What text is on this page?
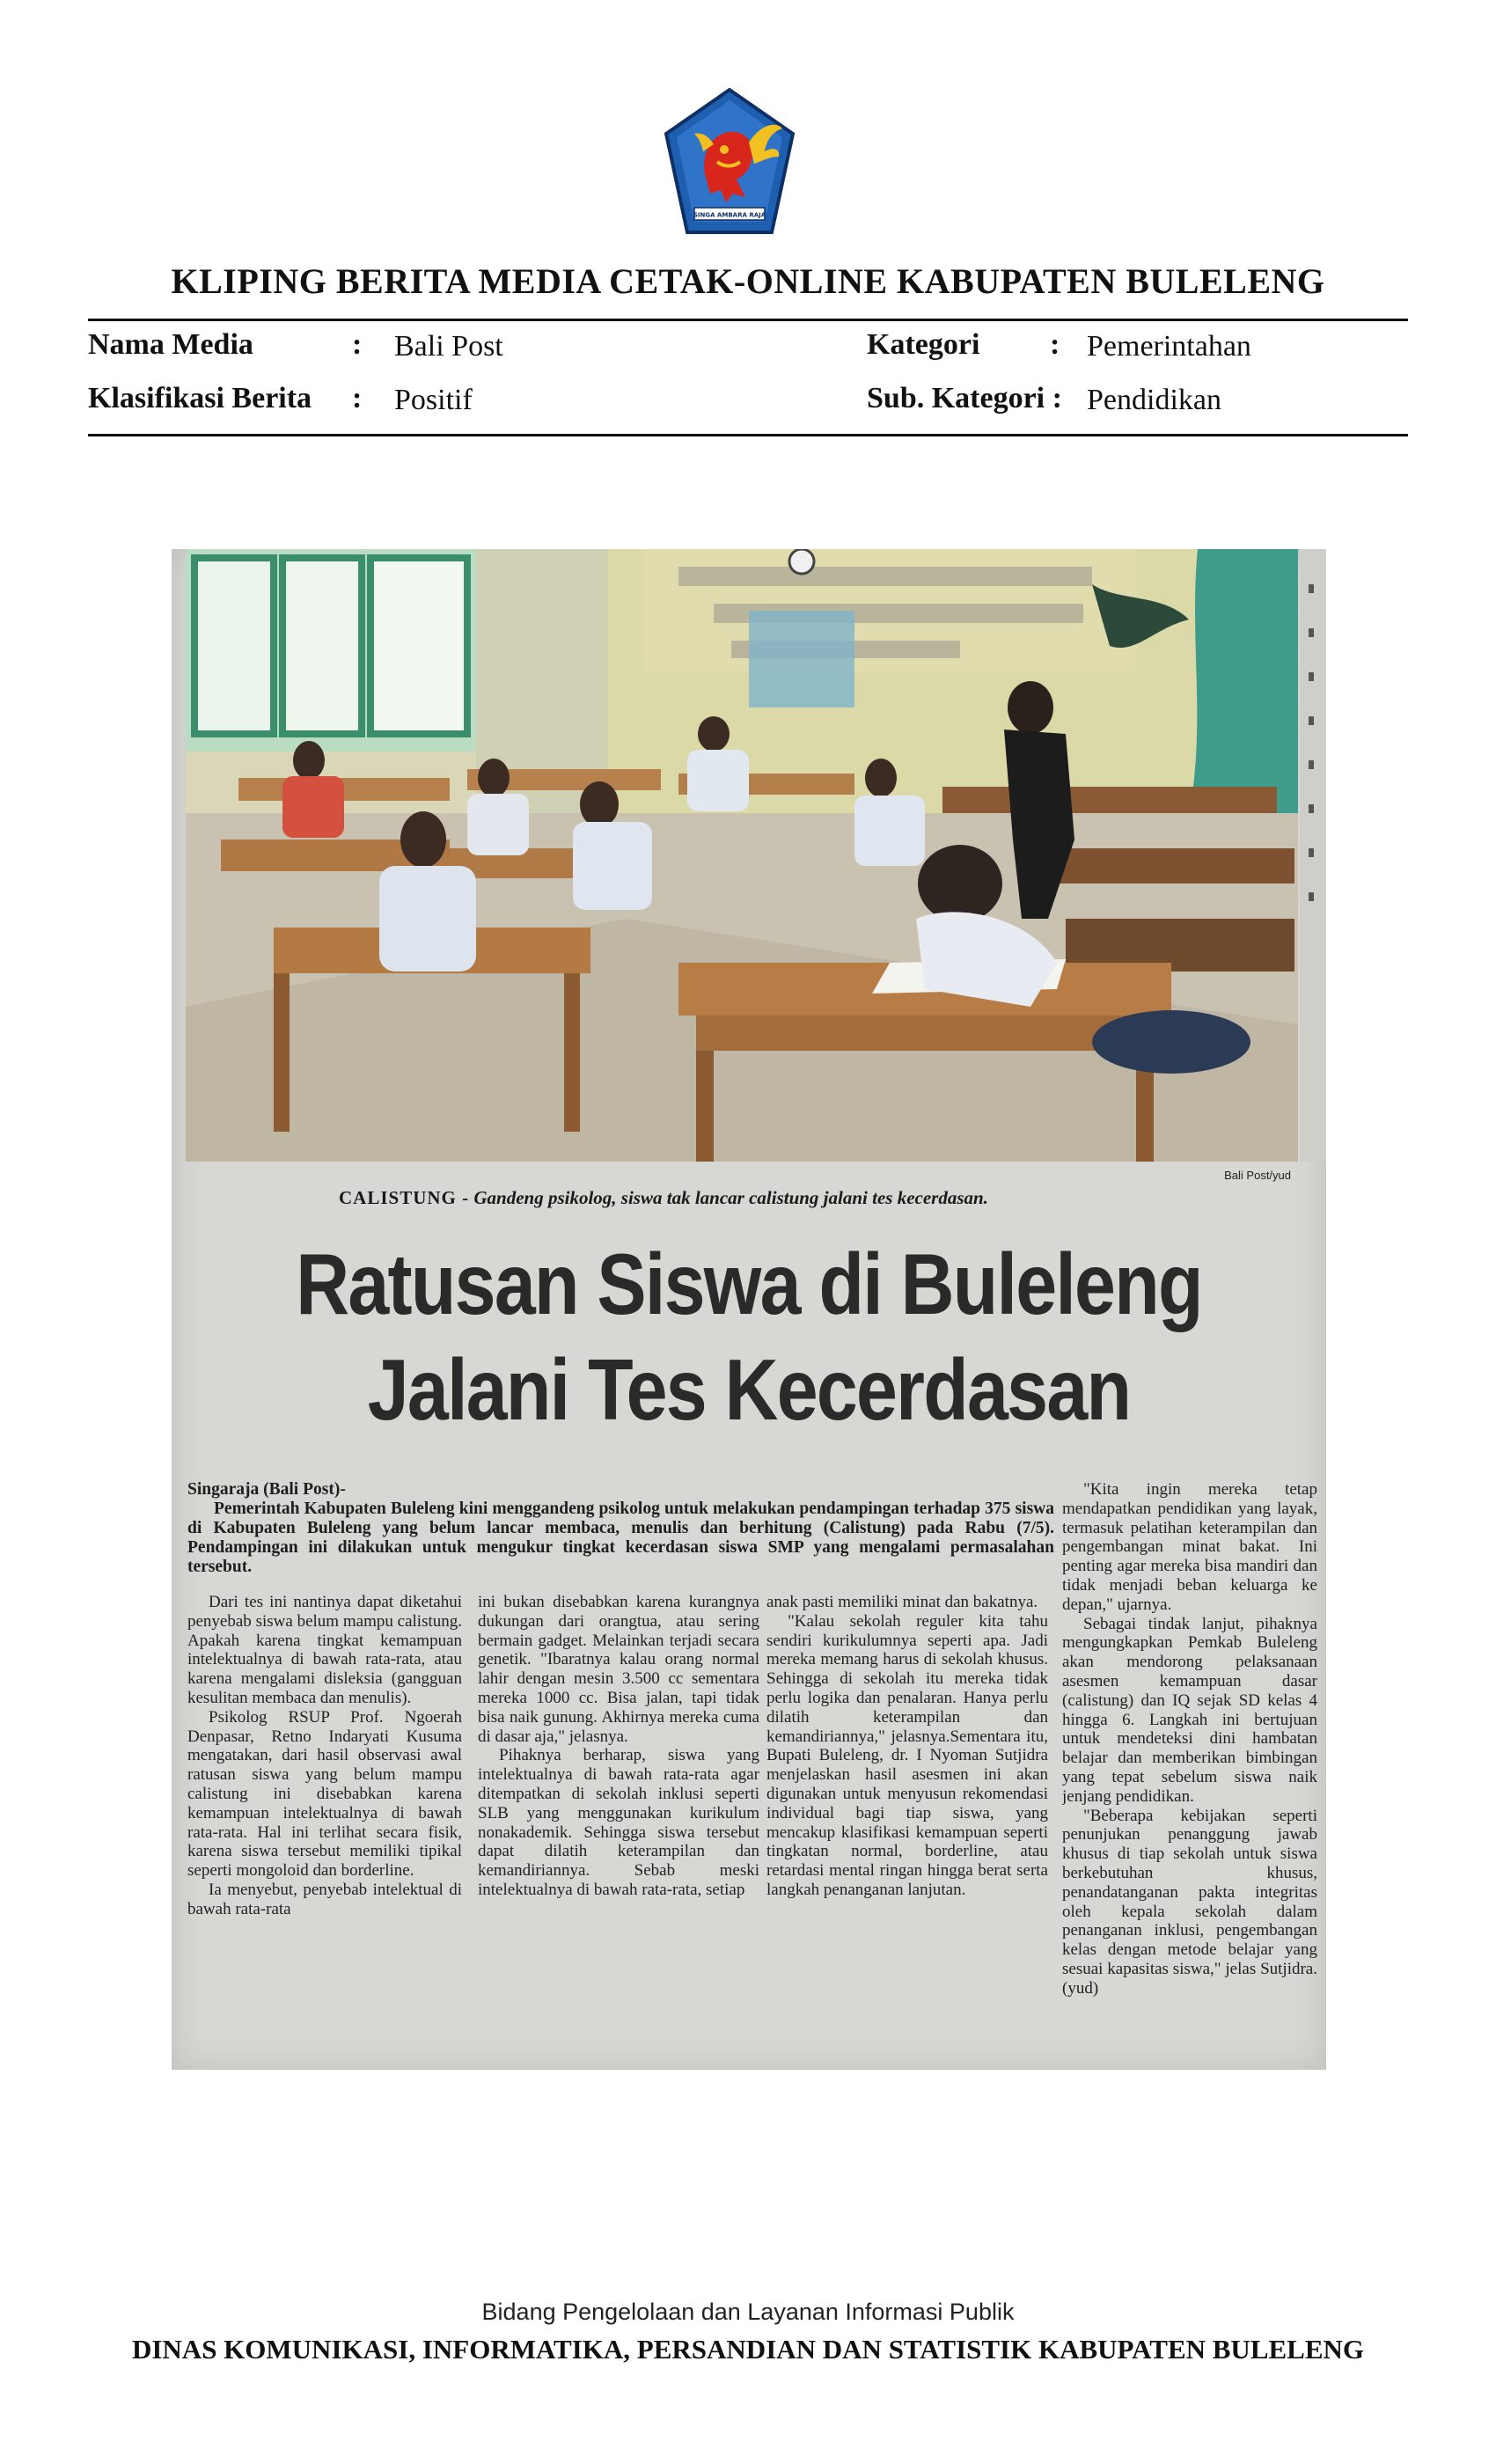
SINGA AMBARA RAJA
KLIPING BERITA MEDIA CETAK-ONLINE KABUPATEN BULELENG
Nama Media	: Bali Post
Klasifikasi Berita : Positif
Kategori : Pemerintahan
Sub. Kategori : Pendidikan
Bali Post/yud
CALISTUNG - Gandeng psikolog, siswa tak lancar calistung jalani tes kecerdasan.
Ratusan Siswa di Buleleng
Jalani Tes Kecerdasan
Singaraja (Bali Post)-
Pemerintah Kabupaten Buleleng kini menggandeng psikolog untuk melakukan pendampingan terhadap 375 siswa di Kabupaten Buleleng yang belum lancar membaca, menulis dan berhitung (Calistung) pada Rabu (7/5). Pendampingan ini dilakukan untuk mengukur tingkat kecerdasan siswa SMP yang mengalami permasalahan tersebut.

Dari tes ini nantinya dapat diketahui penyebab siswa belum mampu calistung. Apakah karena tingkat kemampuan intelektualnya di bawah rata-rata, atau karena mengalami disleksia (gangguan kesulitan membaca dan menulis).

Psikolog RSUP Prof. Ngoerah Denpasar, Retno Indaryati Kusuma mengatakan, dari hasil observasi awal ratusan siswa yang belum mampu calistung ini disebabkan karena kemampuan intelektualnya di bawah rata-rata. Hal ini terlihat secara fisik, karena siswa tersebut memiliki tipikal seperti mongoloid dan borderline.

Ia menyebut, penyebab intelektual di bawah rata-rata

ini bukan disebabkan karena kurangnya dukungan dari orangtua, atau sering bermain gadget. Melainkan terjadi secara genetik. "Ibaratnya kalau orang normal lahir dengan mesin 3.500 cc sementara mereka 1000 cc. Bisa jalan, tapi tidak bisa naik gunung. Akhirnya mereka cuma di dasar aja," jelasnya.

Pihaknya berharap, siswa yang intelektualnya di bawah rata-rata agar ditempatkan di sekolah inklusi seperti SLB yang menggunakan kurikulum nonakademik. Sehingga siswa tersebut dapat dilatih keterampilan dan kemandiriannya. Sebab meski intelektualnya di bawah rata-rata, setiap

anak pasti memiliki minat dan bakatnya.

"Kalau sekolah reguler kita tahu sendiri kurikulumnya seperti apa. Jadi mereka memang harus di sekolah khusus. Sehingga di sekolah itu mereka tidak perlu logika dan penalaran. Hanya perlu dilatih keterampilan dan kemandiriannya," jelasnya.Sementara itu, Bupati Buleleng, dr. I Nyoman Sutjidra menjelaskan hasil asesmen ini akan digunakan untuk menyusun rekomendasi individual bagi tiap siswa, yang mencakup klasifikasi kemampuan seperti tingkatan normal, borderline, atau retardasi mental ringan hingga berat serta langkah penanganan lanjutan.

"Kita ingin mereka tetap mendapatkan pendidikan yang layak, termasuk pelatihan keterampilan dan pengembangan minat bakat. Ini penting agar mereka bisa mandiri dan tidak menjadi beban keluarga ke depan," ujarnya.

Sebagai tindak lanjut, pihaknya mengungkapkan Pemkab Buleleng akan mendorong pelaksanaan asesmen kemampuan dasar (calistung) dan IQ sejak SD kelas 4 hingga 6. Langkah ini bertujuan untuk mendeteksi dini hambatan belajar dan memberikan bimbingan yang tepat sebelum siswa naik jenjang pendidikan.

"Beberapa kebijakan seperti penunjukan penanggung jawab khusus di tiap sekolah untuk siswa berkebutuhan khusus, penandatanganan pakta integritas oleh kepala sekolah dalam penanganan inklusi, pengembangan kelas dengan metode belajar yang sesuai kapasitas siswa," jelas Sutjidra. (yud)

Bidang Pengelolaan dan Layanan Informasi Publik
DINAS KOMUNIKASI, INFORMATIKA, PERSANDIAN DAN STATISTIK KABUPATEN BULELENG
